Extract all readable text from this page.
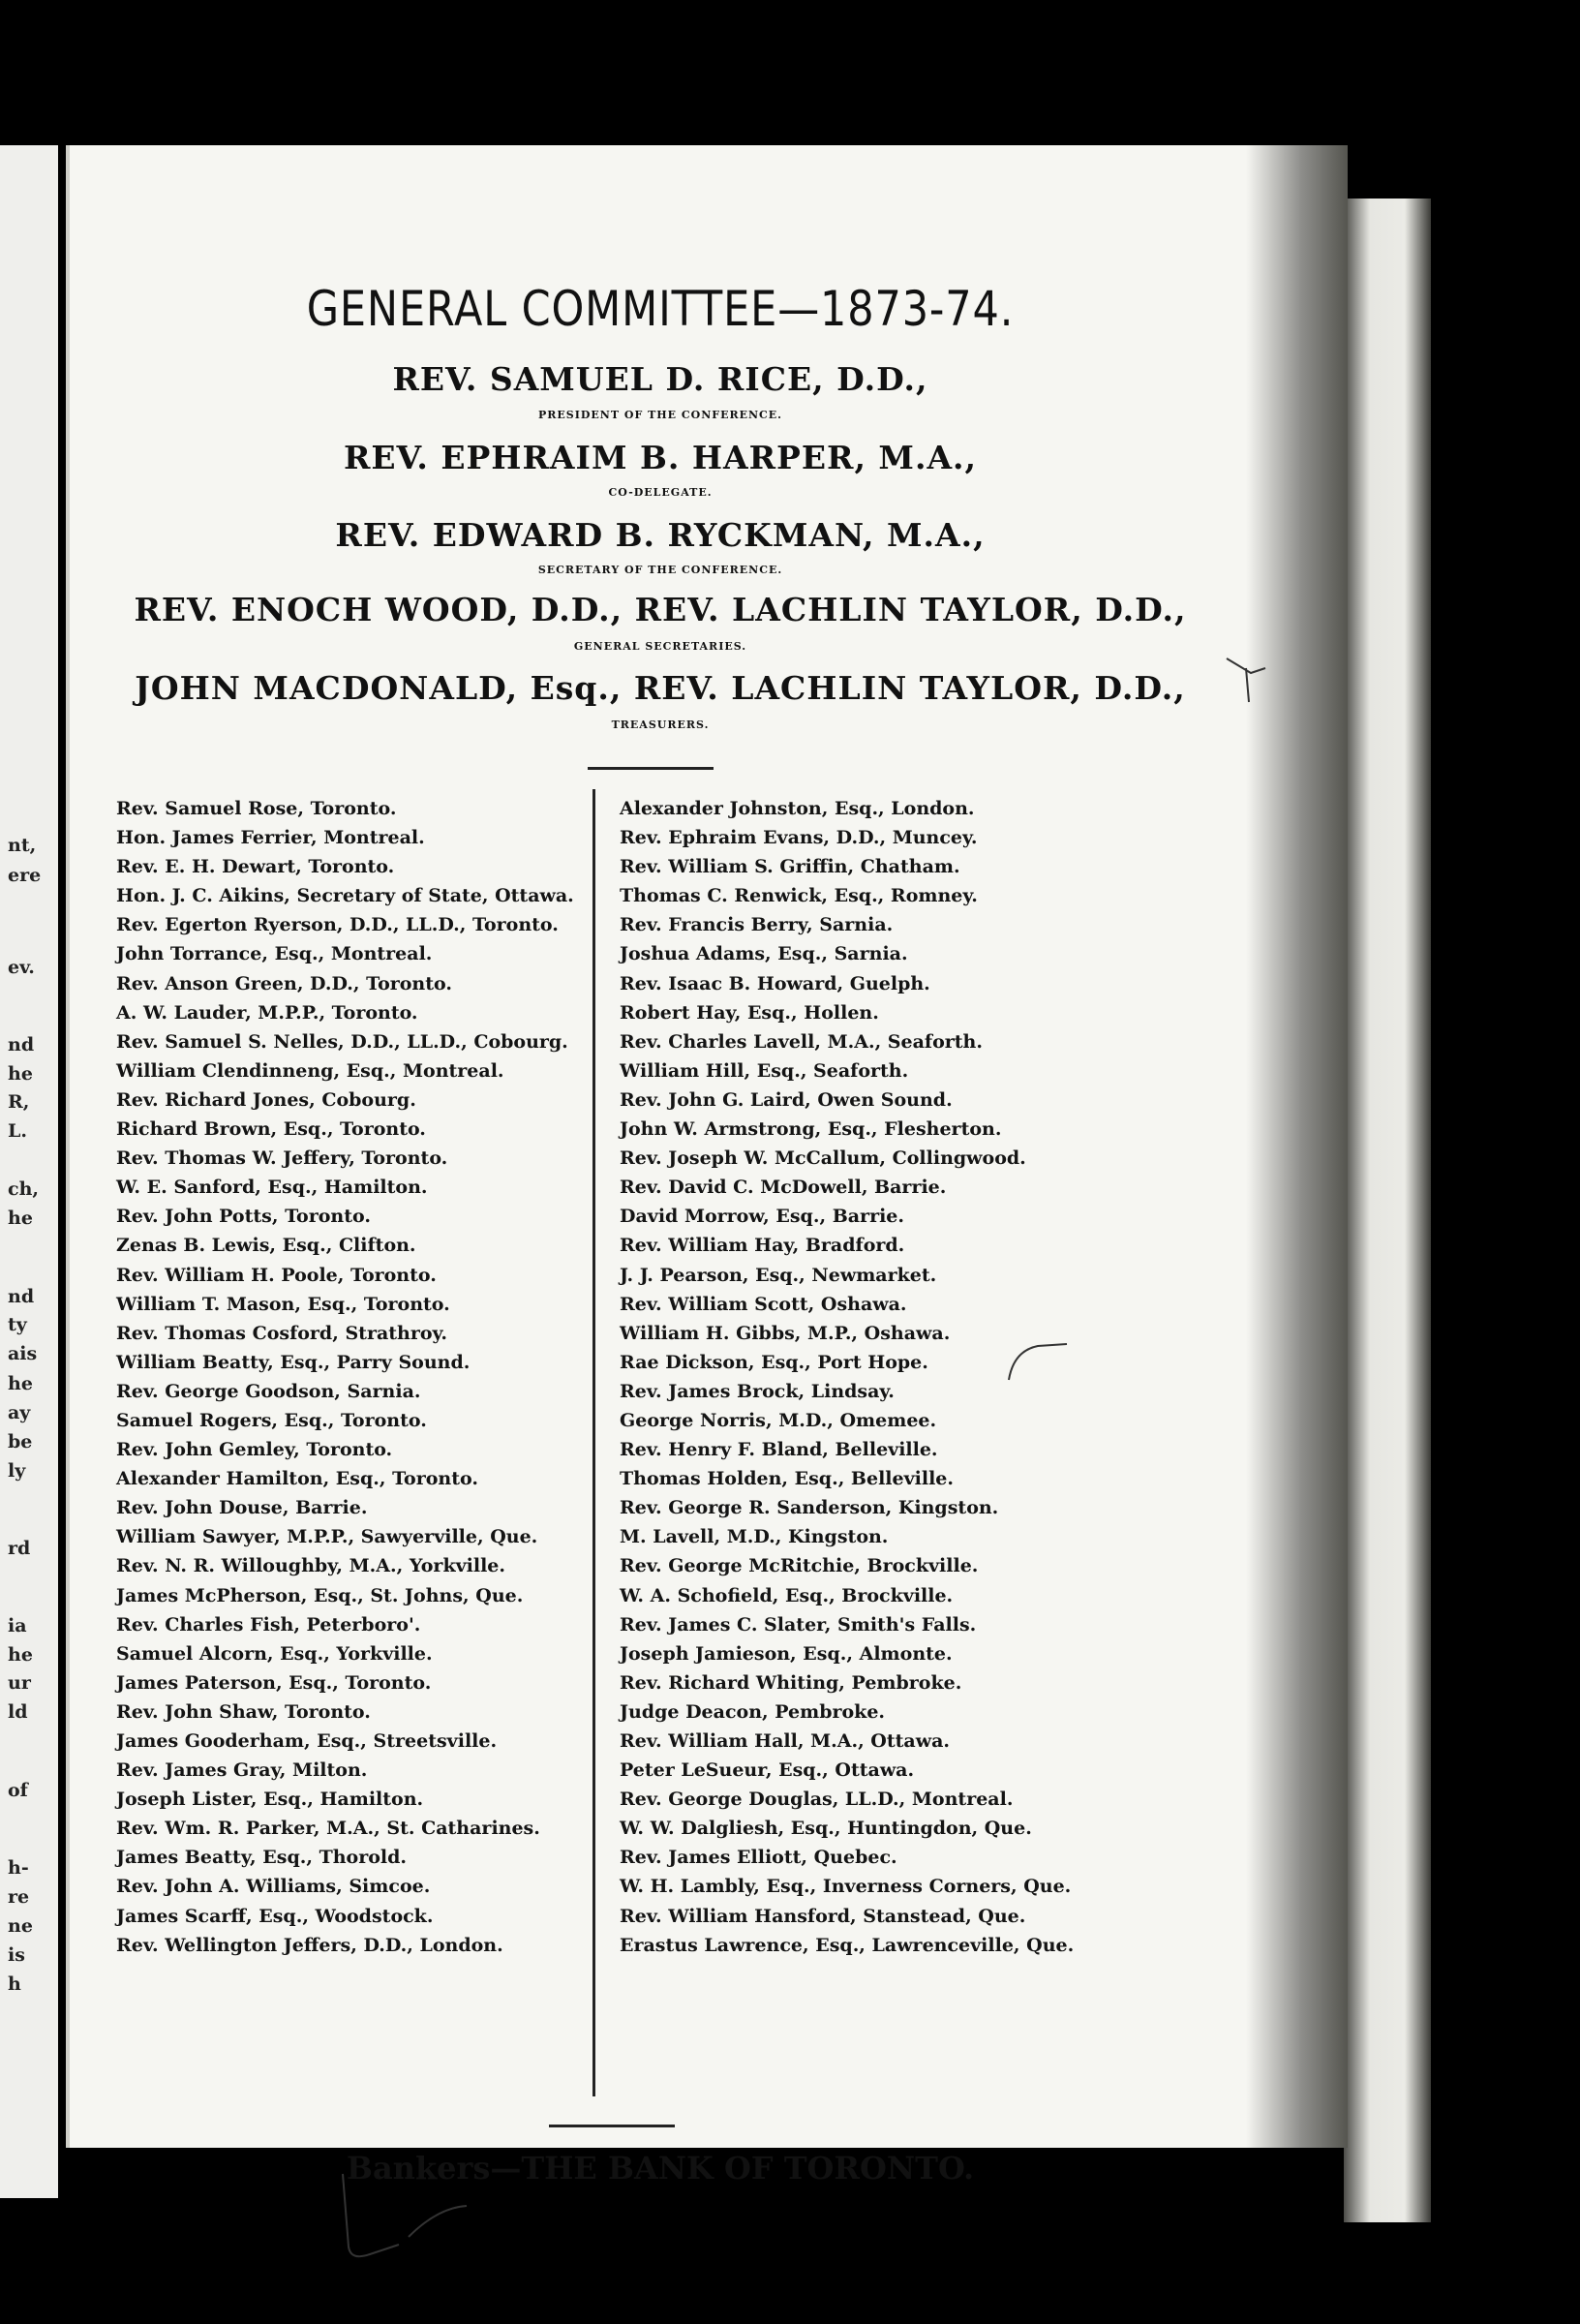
GENERAL COMMITTEE—1873-74.
REV. SAMUEL D. RICE, D.D.,
PRESIDENT OF THE CONFERENCE.
REV. EPHRAIM B. HARPER, M.A.,
CO-DELEGATE.
REV. EDWARD B. RYCKMAN, M.A.,
SECRETARY OF THE CONFERENCE.
REV. ENOCH WOOD, D.D., REV. LACHLIN TAYLOR, D.D.,
GENERAL SECRETARIES.
JOHN MACDONALD, Esq., REV. LACHLIN TAYLOR, D.D.,
TREASURERS.
Rev. Samuel Rose, Toronto.
Hon. James Ferrier, Montreal.
Rev. E. H. Dewart, Toronto.
Hon. J. C. Aikins, Secretary of State, Ottawa.
Rev. Egerton Ryerson, D.D., LL.D., Toronto.
John Torrance, Esq., Montreal.
Rev. Anson Green, D.D., Toronto.
A. W. Lauder, M.P.P., Toronto.
Rev. Samuel S. Nelles, D.D., LL.D., Cobourg.
William Clendinneng, Esq., Montreal.
Rev. Richard Jones, Cobourg.
Richard Brown, Esq., Toronto.
Rev. Thomas W. Jeffery, Toronto.
W. E. Sanford, Esq., Hamilton.
Rev. John Potts, Toronto.
Zenas B. Lewis, Esq., Clifton.
Rev. William H. Poole, Toronto.
William T. Mason, Esq., Toronto.
Rev. Thomas Cosford, Strathroy.
William Beatty, Esq., Parry Sound.
Rev. George Goodson, Sarnia.
Samuel Rogers, Esq., Toronto.
Rev. John Gemley, Toronto.
Alexander Hamilton, Esq., Toronto.
Rev. John Douse, Barrie.
William Sawyer, M.P.P., Sawyerville, Que.
Rev. N. R. Willoughby, M.A., Yorkville.
James McPherson, Esq., St. Johns, Que.
Rev. Charles Fish, Peterboro'.
Samuel Alcorn, Esq., Yorkville.
James Paterson, Esq., Toronto.
Rev. John Shaw, Toronto.
James Gooderham, Esq., Streetsville.
Rev. James Gray, Milton.
Joseph Lister, Esq., Hamilton.
Rev. Wm. R. Parker, M.A., St. Catharines.
James Beatty, Esq., Thorold.
Rev. John A. Williams, Simcoe.
James Scarff, Esq., Woodstock.
Rev. Wellington Jeffers, D.D., London.
Alexander Johnston, Esq., London.
Rev. Ephraim Evans, D.D., Muncey.
Rev. William S. Griffin, Chatham.
Thomas C. Renwick, Esq., Romney.
Rev. Francis Berry, Sarnia.
Joshua Adams, Esq., Sarnia.
Rev. Isaac B. Howard, Guelph.
Robert Hay, Esq., Hollen.
Rev. Charles Lavell, M.A., Seaforth.
William Hill, Esq., Seaforth.
Rev. John G. Laird, Owen Sound.
John W. Armstrong, Esq., Flesherton.
Rev. Joseph W. McCallum, Collingwood.
Rev. David C. McDowell, Barrie.
David Morrow, Esq., Barrie.
Rev. William Hay, Bradford.
J. J. Pearson, Esq., Newmarket.
Rev. William Scott, Oshawa.
William H. Gibbs, M.P., Oshawa.
Rae Dickson, Esq., Port Hope.
Rev. James Brock, Lindsay.
George Norris, M.D., Omemee.
Rev. Henry F. Bland, Belleville.
Thomas Holden, Esq., Belleville.
Rev. George R. Sanderson, Kingston.
M. Lavell, M.D., Kingston.
Rev. George McRitchie, Brockville.
W. A. Schofield, Esq., Brockville.
Rev. James C. Slater, Smith's Falls.
Joseph Jamieson, Esq., Almonte.
Rev. Richard Whiting, Pembroke.
Judge Deacon, Pembroke.
Rev. William Hall, M.A., Ottawa.
Peter LeSueur, Esq., Ottawa.
Rev. George Douglas, LL.D., Montreal.
W. W. Dalgliesh, Esq., Huntingdon, Que.
Rev. James Elliott, Quebec.
W. H. Lambly, Esq., Inverness Corners, Que.
Rev. William Hansford, Stanstead, Que.
Erastus Lawrence, Esq., Lawrenceville, Que.
Bankers—THE BANK OF TORONTO.
nt,
ere
ev.
nd
he
R,
L.
ch,
he
nd
ty
ais
he
ay
be
ly
rd
ia
he
ur
ld
of
h-
re
ne
is
h
